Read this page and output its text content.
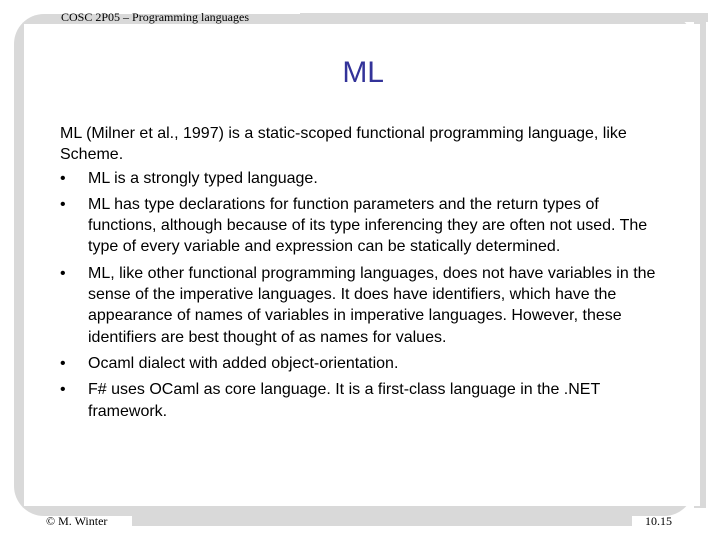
COSC 2P05 – Programming languages
ML

ML (Milner et al., 1997) is a static-scoped functional programming language, like Scheme.

• ML is a strongly typed language.
• ML has type declarations for function parameters and the return types of functions, although because of its type inferencing they are often not used. The type of every variable and expression can be statically determined.
• ML, like other functional programming languages, does not have variables in the sense of the imperative languages. It does have identifiers, which have the appearance of names of variables in imperative languages. However, these identifiers are best thought of as names for values.
• Ocaml dialect with added object-orientation.
• F# uses OCaml as core language. It is a first-class language in the .NET framework.
© M. Winter	10.15
